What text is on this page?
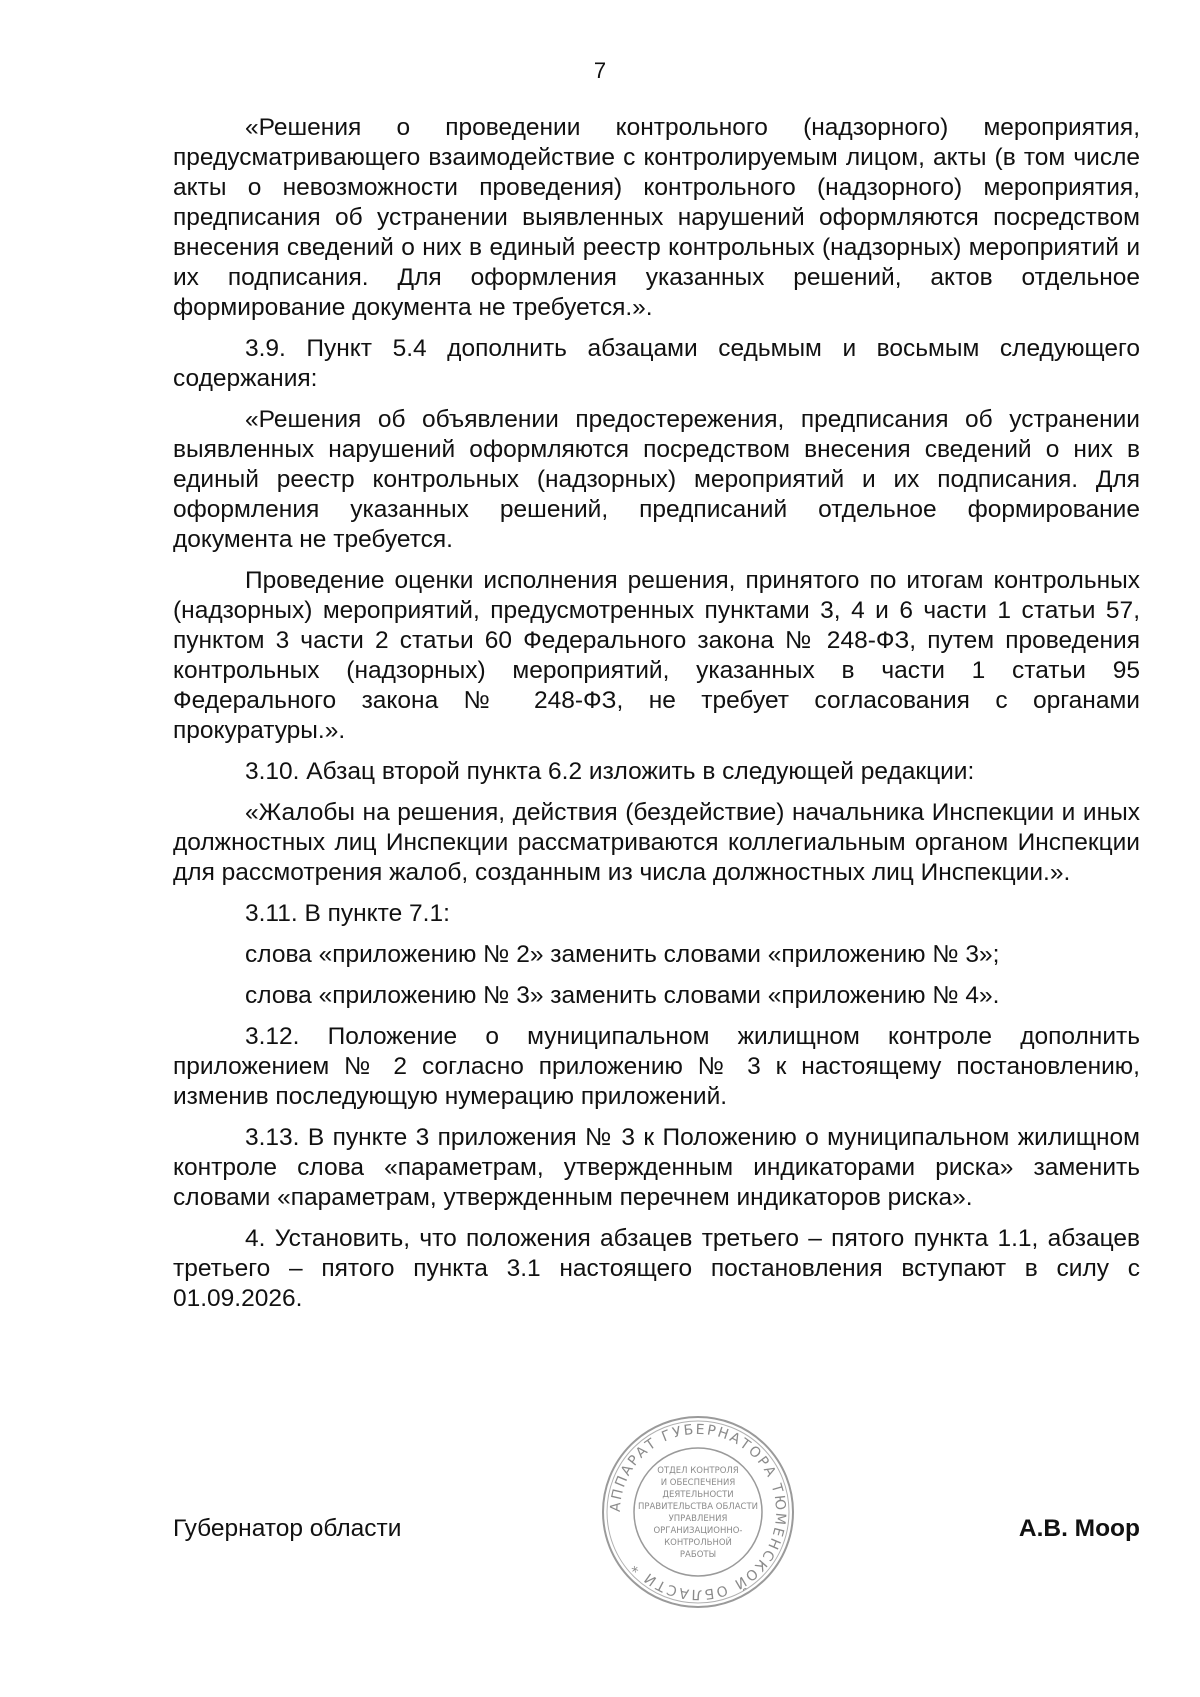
7

«Решения о проведении контрольного (надзорного) мероприятия, предусматривающего взаимодействие с контролируемым лицом, акты (в том числе акты о невозможности проведения) контрольного (надзорного) мероприятия, предписания об устранении выявленных нарушений оформляются посредством внесения сведений о них в единый реестр контрольных (надзорных) мероприятий и их подписания. Для оформления указанных решений, актов отдельное формирование документа не требуется.».

3.9. Пункт 5.4 дополнить абзацами седьмым и восьмым следующего содержания:

«Решения об объявлении предостережения, предписания об устранении выявленных нарушений оформляются посредством внесения сведений о них в единый реестр контрольных (надзорных) мероприятий и их подписания. Для оформления указанных решений, предписаний отдельное формирование документа не требуется.

Проведение оценки исполнения решения, принятого по итогам контрольных (надзорных) мероприятий, предусмотренных пунктами 3, 4 и 6 части 1 статьи 57, пунктом 3 части 2 статьи 60 Федерального закона № 248-ФЗ, путем проведения контрольных (надзорных) мероприятий, указанных в части 1 статьи 95 Федерального закона № 248-ФЗ, не требует согласования с органами прокуратуры.».

3.10. Абзац второй пункта 6.2 изложить в следующей редакции:

«Жалобы на решения, действия (бездействие) начальника Инспекции и иных должностных лиц Инспекции рассматриваются коллегиальным органом Инспекции для рассмотрения жалоб, созданным из числа должностных лиц Инспекции.».

3.11. В пункте 7.1:

слова «приложению № 2» заменить словами «приложению № 3»;

слова «приложению № 3» заменить словами «приложению № 4».

3.12. Положение о муниципальном жилищном контроле дополнить приложением № 2 согласно приложению № 3 к настоящему постановлению, изменив последующую нумерацию приложений.

3.13. В пункте 3 приложения № 3 к Положению о муниципальном жилищном контроле слова «параметрам, утвержденным индикаторами риска» заменить словами «параметрам, утвержденным перечнем индикаторов риска».

4. Установить, что положения абзацев третьего – пятого пункта 1.1, абзацев третьего – пятого пункта 3.1 настоящего постановления вступают в силу с 01.09.2026.

АППАРАТ ГУБЕРНАТОРА ТЮМЕНСКОЙ ОБЛАСТИ *
ОТДЕЛ КОНТРОЛЯ
И ОБЕСПЕЧЕНИЯ
ДЕЯТЕЛЬНОСТИ
ПРАВИТЕЛЬСТВА ОБЛАСТИ
УПРАВЛЕНИЯ
ОРГАНИЗАЦИОННО-
КОНТРОЛЬНОЙ
РАБОТЫ
Губернатор области	А.В. Моор
